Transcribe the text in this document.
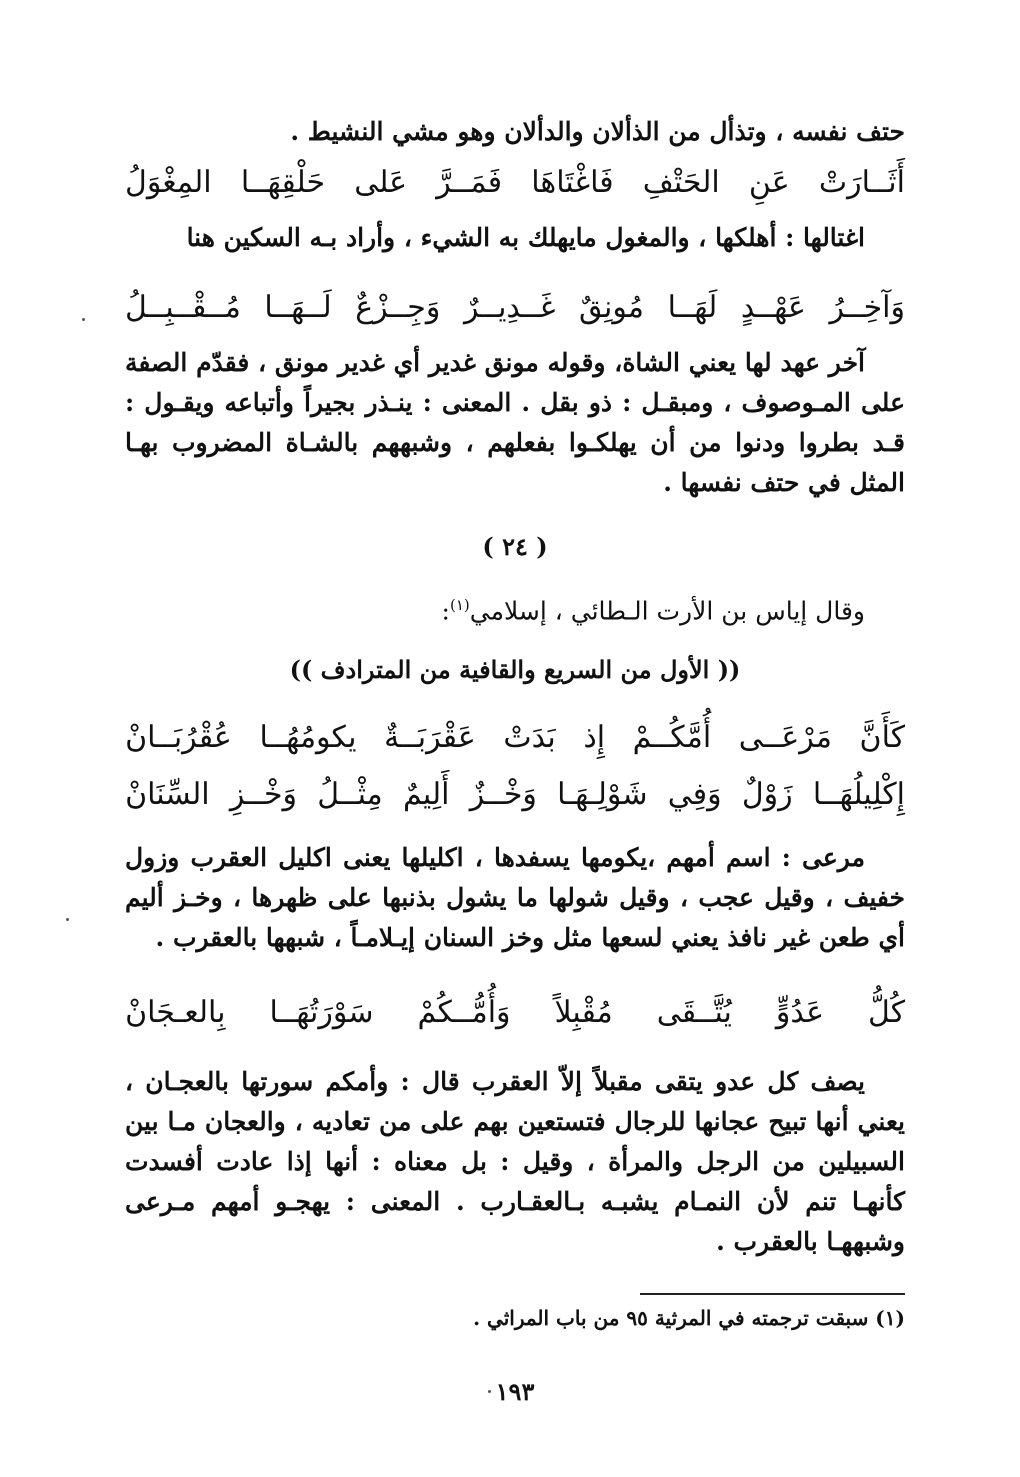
حتف نفسه ، وتذأل من الذألان والدألان وهو مشي النشيط .
أَثَــارَتْ
عَنِ
الحَتْفِ
فَاغْتَاهَا
فَمَــرَّ
عَلى
حَلْقِهَــا
المِغْوَلُ
اغتالها : أهلكها ، والمغول مايهلك به الشيء ، وأراد بـه السكين هنا
وَآخِــرُ
عَهْــدٍ
لَهَــا
مُونِقٌ
غَــدِيــرٌ
وَجِــزْعٌ
لَــهَــا
مُــقْــبِــلُ
آخر عهد لها يعني الشاة، وقوله مونق غدير أي غدير مونق ، فقدّم الصفة على المـوصوف ، ومبقـل : ذو بقل . المعنى : ينـذر بجيراً وأتباعه ويقـول : قـد بطروا ودنوا من أن يهلكـوا بفعلهم ، وشبههم بالشـاة المضروب بهـا المثل في حتف نفسها .
( ٢٤ )
وقال إياس بن الأرت الـطائي ، إسلامي$^{(١)}$:
(( الأول من السريع والقافية من المترادف ))
كَأَنَّ
مَرْعَــى
أُمَّكُــمْ
إِذ
بَدَتْ
عَقْرَبَــةٌ
يكومُهُــا
عُقْرُبَــانْ
إِكْلِيلُهَــا
زَوْلٌ
وَفِي
شَوْلِـهَـا
وَخْــزٌ
أَلِيمٌ
مِثْــلُ
وَخْــزِ
السِّنَانْ
مرعى : اسم أمهم ،يكومها يسفدها ، اكليلها يعنى اكليل العقرب وزول خفيف ، وقيل عجب ، وقيل شولها ما يشول بذنبها على ظهرها ، وخـز أليم أي طعن غير نافذ يعني لسعها مثل وخز السنان إيـلامـاً ، شبهها بالعقرب .
كُلُّ
عَدُوٍّ
يُتَّــقَى
مُقْبِلاً
وَأُمُّــكُمْ
سَوْرَتُهَــا
بِالعـجَانْ
يصف كل عدو يتقى مقبلاً إلاّ العقرب قال : وأمكم سورتها بالعجـان ، يعني أنها تبيح عجانها للرجال فتستعين بهم على من تعاديه ، والعجان مـا بين السبيلين من الرجل والمرأة ، وقيل : بل معناه : أنها إذا عادت أفسدت كأنهـا تنم لأن النمـام يشبـه بـالعقـارب . المعنى : يهجـو أمهم مـرعى وشبههـا بالعقرب .
(١) سبقت ترجمته في المرثية ٩٥ من باب المراثي .
١٩٣
